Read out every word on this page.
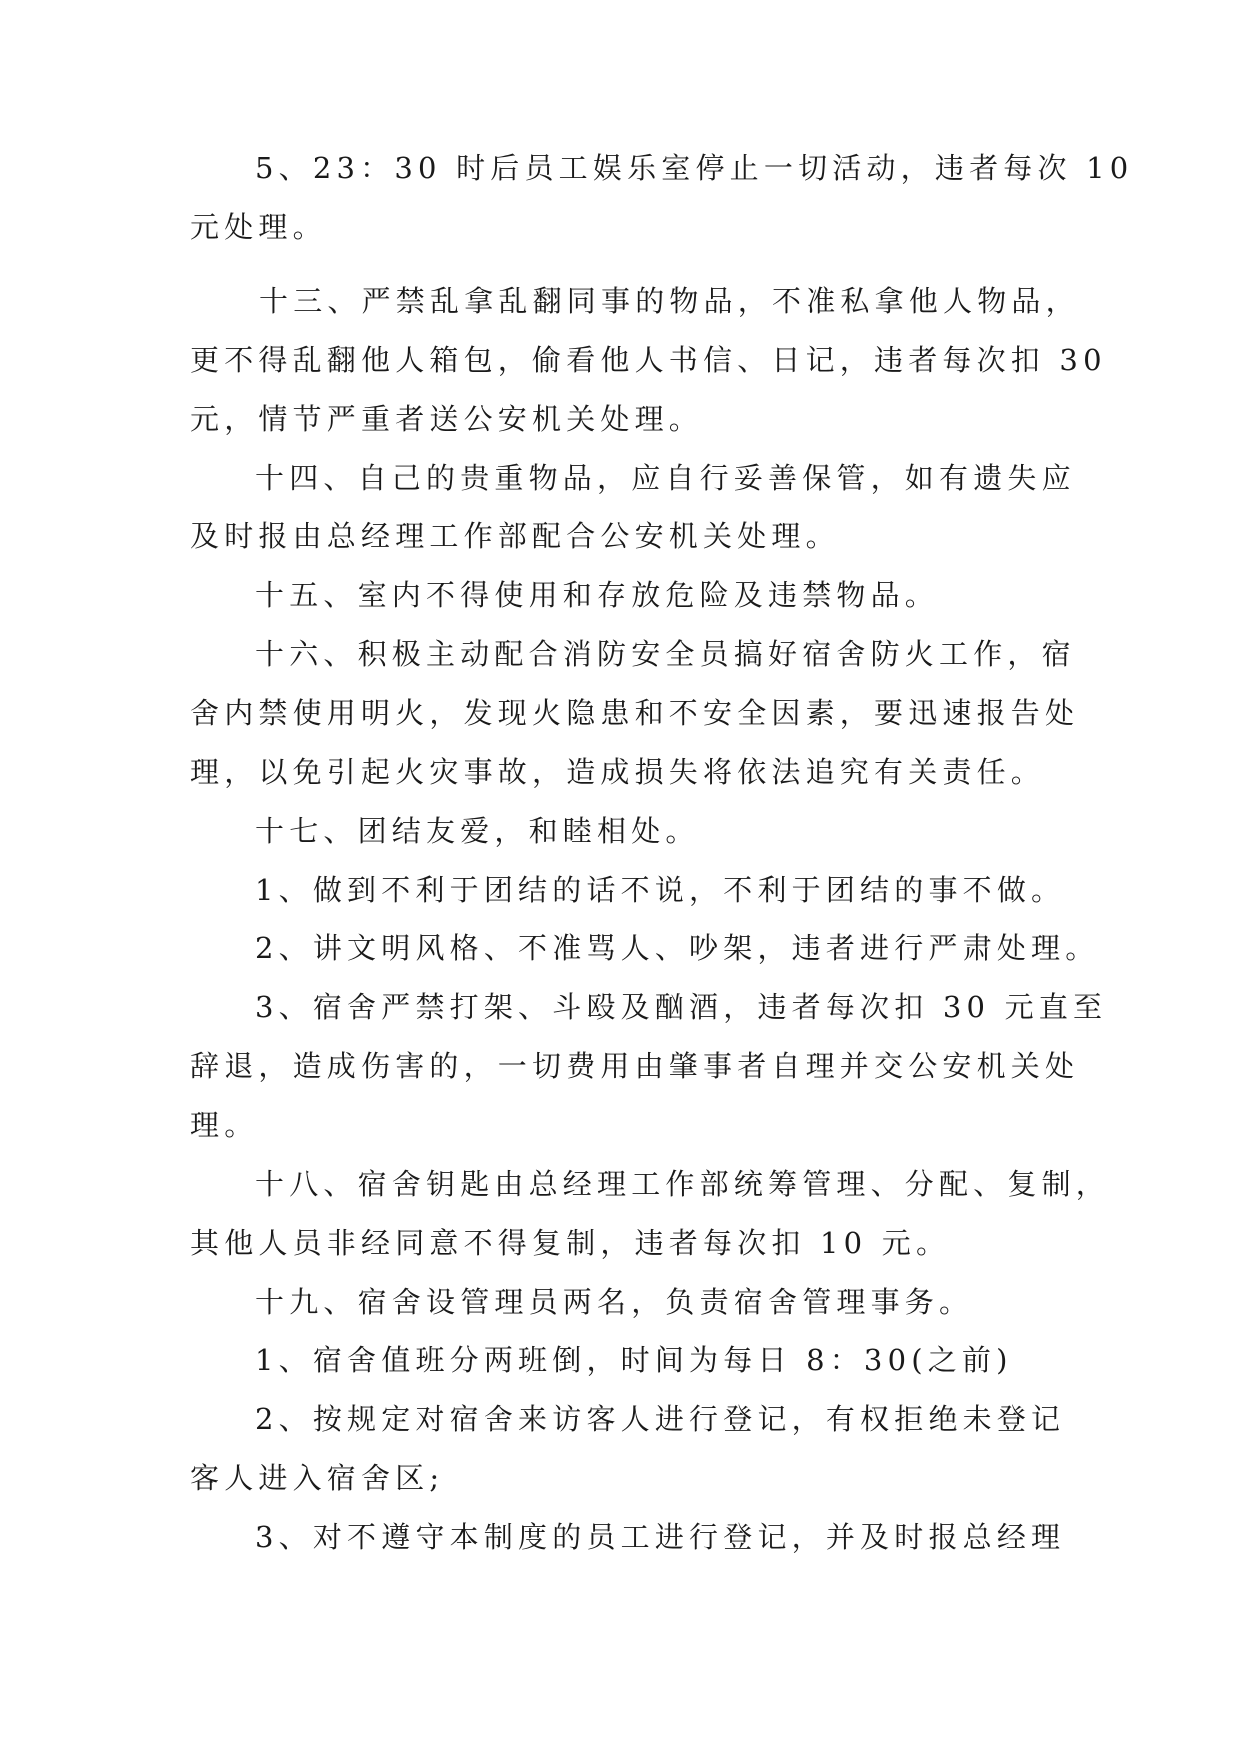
5、23：30 时后员工娱乐室停止一切活动，违者每次 10
元处理。
十三、严禁乱拿乱翻同事的物品，不准私拿他人物品，
更不得乱翻他人箱包，偷看他人书信、日记，违者每次扣 30
元，情节严重者送公安机关处理。
十四、自己的贵重物品，应自行妥善保管，如有遗失应
及时报由总经理工作部配合公安机关处理。
十五、室内不得使用和存放危险及违禁物品。
十六、积极主动配合消防安全员搞好宿舍防火工作，宿
舍内禁使用明火，发现火隐患和不安全因素，要迅速报告处
理，以免引起火灾事故，造成损失将依法追究有关责任。
十七、团结友爱，和睦相处。
1、做到不利于团结的话不说，不利于团结的事不做。
2、讲文明风格、不准骂人、吵架，违者进行严肃处理。
3、宿舍严禁打架、斗殴及酗酒，违者每次扣 30 元直至
辞退，造成伤害的，一切费用由肇事者自理并交公安机关处
理。
十八、宿舍钥匙由总经理工作部统筹管理、分配、复制，
其他人员非经同意不得复制，违者每次扣 10 元。
十九、宿舍设管理员两名，负责宿舍管理事务。
1、宿舍值班分两班倒，时间为每日 8：30(之前)
2、按规定对宿舍来访客人进行登记，有权拒绝未登记
客人进入宿舍区;
3、对不遵守本制度的员工进行登记，并及时报总经理
